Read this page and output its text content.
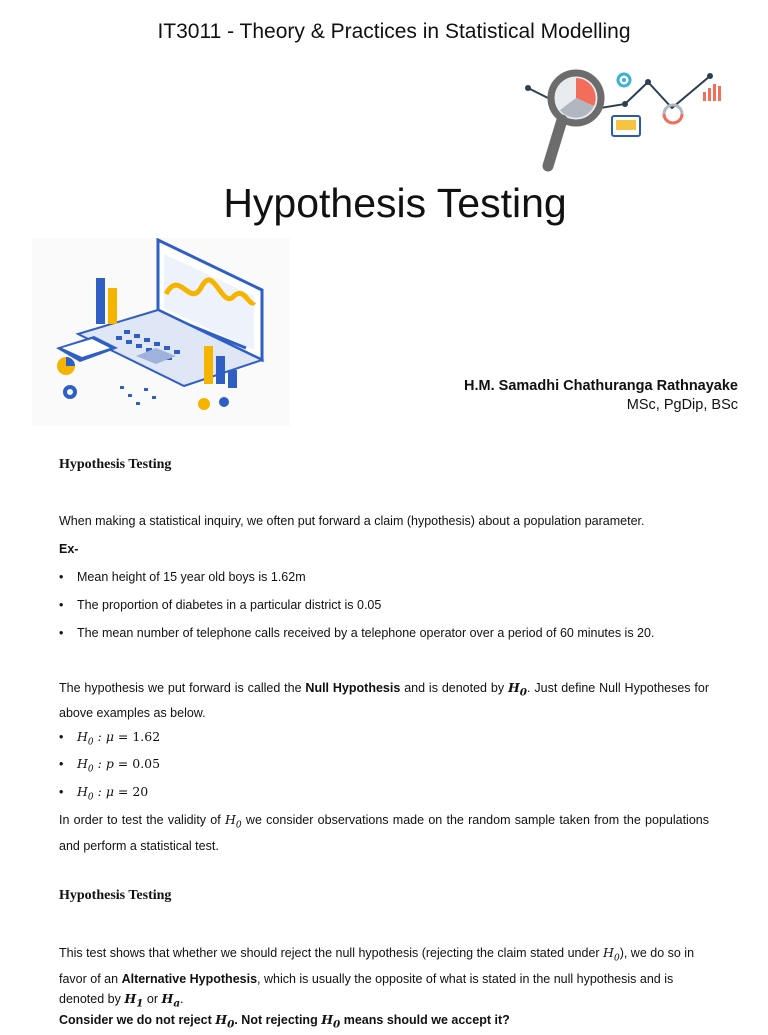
IT3011 - Theory & Practices in Statistical Modelling
Hypothesis Testing
H.M. Samadhi Chathuranga Rathnayake
MSc, PgDip, BSc
Hypothesis Testing
When making a statistical inquiry, we often put forward a claim (hypothesis) about a population parameter.
Ex-
• Mean height of 15 year old boys is 1.62m
• The proportion of diabetes in a particular district is 0.05
• The mean number of telephone calls received by a telephone operator over a period of 60 minutes is 20.
The hypothesis we put forward is called the Null Hypothesis and is denoted by $H_0$. Just define Null Hypotheses for above examples as below.
• $H_0$ : μ = 1.62
• $H_0$ : p = 0.05
• $H_0$ : μ = 20
In order to test the validity of $H_0$ we consider observations made on the random sample taken from the populations and perform a statistical test.
Hypothesis Testing
This test shows that whether we should reject the null hypothesis (rejecting the claim stated under $H_0$), we do so in favor of an Alternative Hypothesis, which is usually the opposite of what is stated in the null hypothesis and is denoted by $H_1$ or $H_a$.
Consider we do not reject $H_0$. Not rejecting $H_0$ means should we accept it?
